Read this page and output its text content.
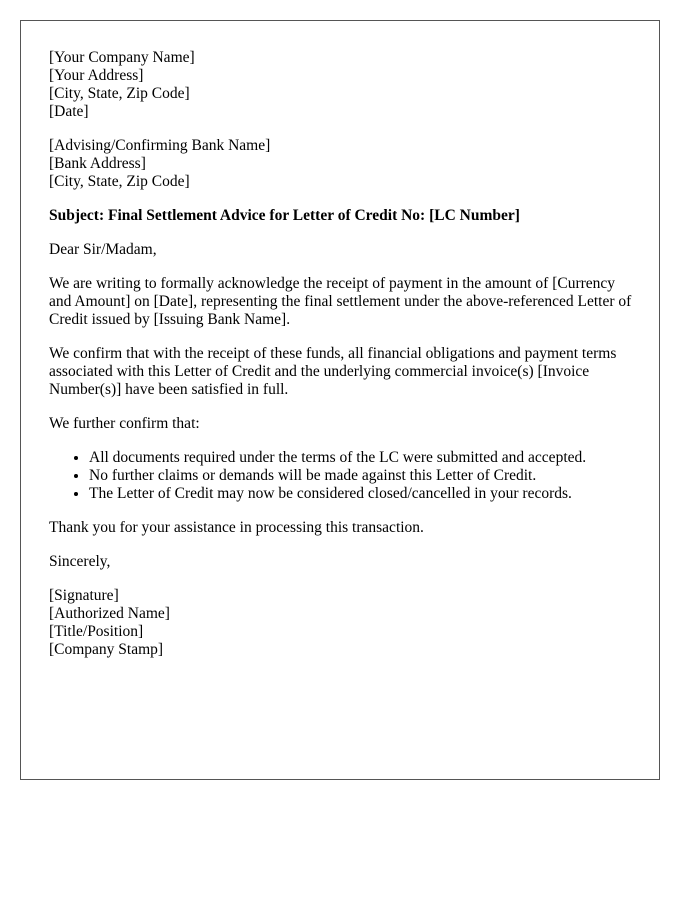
[Your Company Name]
[Your Address]
[City, State, Zip Code]
[Date]
[Advising/Confirming Bank Name]
[Bank Address]
[City, State, Zip Code]

Subject: Final Settlement Advice for Letter of Credit No: [LC Number]

Dear Sir/Madam,

We are writing to formally acknowledge the receipt of payment in the amount of [Currency and Amount] on [Date], representing the final settlement under the above-referenced Letter of Credit issued by [Issuing Bank Name].

We confirm that with the receipt of these funds, all financial obligations and payment terms associated with this Letter of Credit and the underlying commercial invoice(s) [Invoice Number(s)] have been satisfied in full.

We further confirm that:

• All documents required under the terms of the LC were submitted and accepted.
• No further claims or demands will be made against this Letter of Credit.
• The Letter of Credit may now be considered closed/cancelled in your records.

Thank you for your assistance in processing this transaction.

Sincerely,

[Signature]
[Authorized Name]
[Title/Position]
[Company Stamp]
